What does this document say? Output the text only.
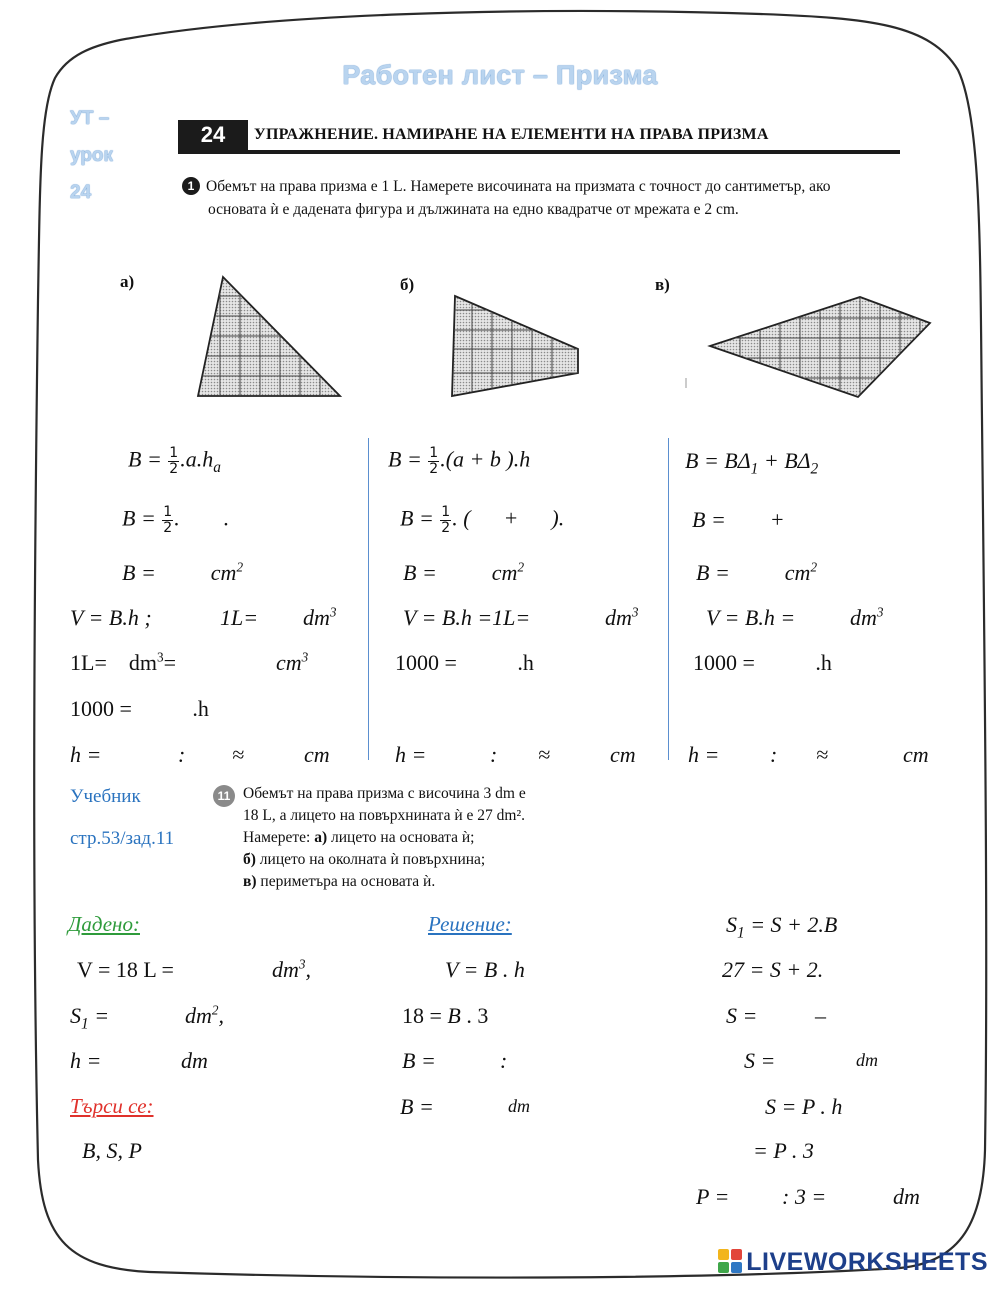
Работен лист – Призма
УТ –
урок
24
24	УПРАЖНЕНИЕ. НАМИРАНЕ НА ЕЛЕМЕНТИ НА ПРАВА ПРИЗМА
1 Обемът на права призма е 1 L. Намерете височината на призмата с точност до сантиметър, ако
основата ѝ е дадената фигура и дължината на едно квадратче от мрежата е 2 cm.
а)	б)	в)
$B = \frac{1}{2} .a.h_a$
$B = \frac{1}{2}$ .        .
B =          $cm^2$
V = B.h ;	$1L= dm^3$
1L=    $dm^3=$	$cm^3$
1000 =           .h
h =	: ≈	cm
$B = \frac{1}{2} .(a + b$ ).h
$B = \frac{1}{2}$ . (      +      ).
B =          $cm^2$
V = B.h =1L=	$dm^3$
1000 =           .h
h =	: ≈	cm
$B = B\Delta_1 + B\Delta_2$
B =        +
B =          $cm^2$
$V = B.h = dm^3$
1000 =           .h
h = : ≈	cm
Учебник
стр.53/зад.11
11 Обемът на права призма с височина 3 dm е
18 L, а лицето на повърхнината ѝ е 27 dm².
Намерете: а) лицето на основата ѝ;
б) лицето на околната ѝ повърхнина;
в) периметъра на основата ѝ.
Дадено:
V = 18 L =	$dm^3$,
$S_1$ =	$dm^2$,
h =	dm
Търси се:
B, S, P
Решение:
V = B . h
18 = B . 3
B =	:
B =	dm
$S_1 = S + 2.B$
27 = S + 2.
S =	–
S =	dm
S = P . h
= P . 3
P = : 3 =	dm
LIVEWORKSHEETS
